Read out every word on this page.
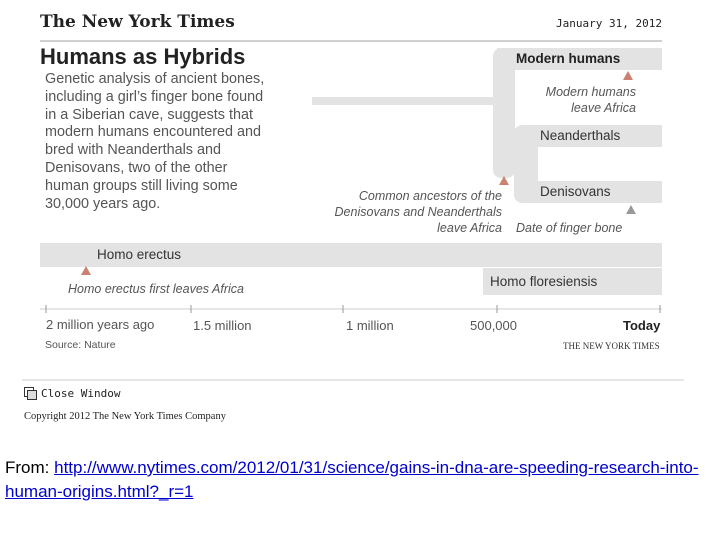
The New York Times	January 31, 2012
Humans as Hybrids
Genetic analysis of ancient bones,
including a girl’s finger bone found
in a Siberian cave, suggests that
modern humans encountered and
bred with Neanderthals and
Denisovans, two of the other
human groups still living some
30,000 years ago.
Modern humans
Neanderthals
Denisovans
Homo erectus
Homo floresiensis
Modern humans
leave Africa
Common ancestors of the
Denisovans and Neanderthals
leave Africa Date of finger bone
Homo erectus first leaves Africa
2 million years ago	1.5 million	1 million	500,000	Today
Source: Nature	THE NEW YORK TIMES
Close Window
Copyright 2012 The New York Times Company
From: http://www.nytimes.com/2012/01/31/science/gains-in-dna-are-speeding-research-into-human-origins.html?_r=1
